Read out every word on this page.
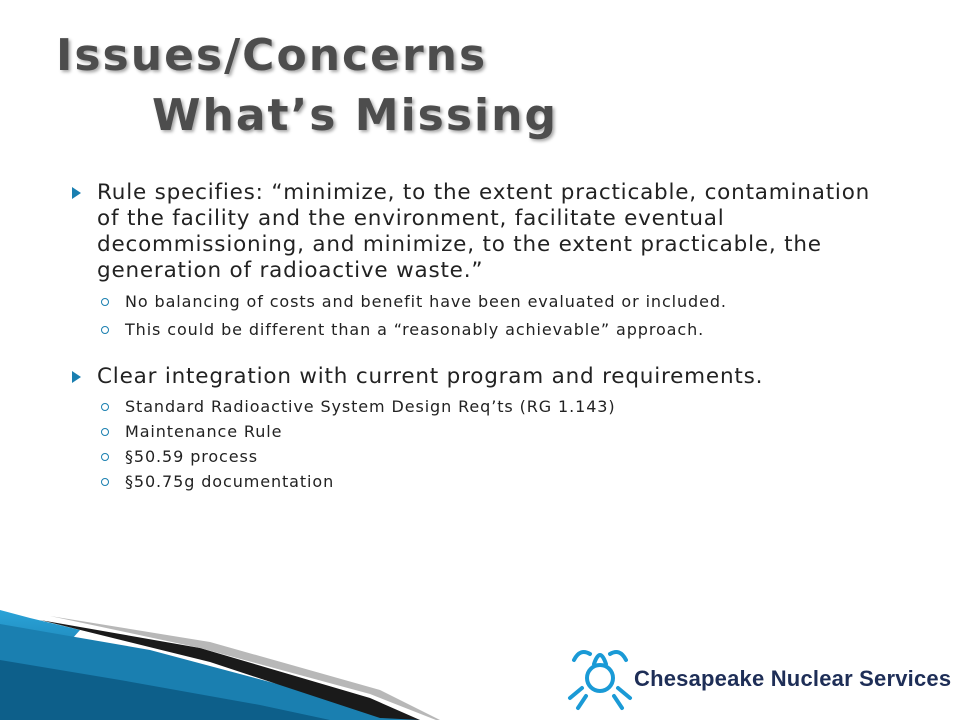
Issues/Concerns
What’s Missing
Rule specifies: “minimize, to the extent practicable, contamination of the facility and the environment, facilitate eventual decommissioning, and minimize, to the extent practicable, the generation of radioactive waste.”
No balancing of costs and benefit have been evaluated or included.
This could be different than a “reasonably achievable” approach.
Clear integration with current program and requirements.
Standard Radioactive System Design Req’ts (RG 1.143)
Maintenance Rule
§50.59 process
§50.75g documentation
Chesapeake Nuclear Services
